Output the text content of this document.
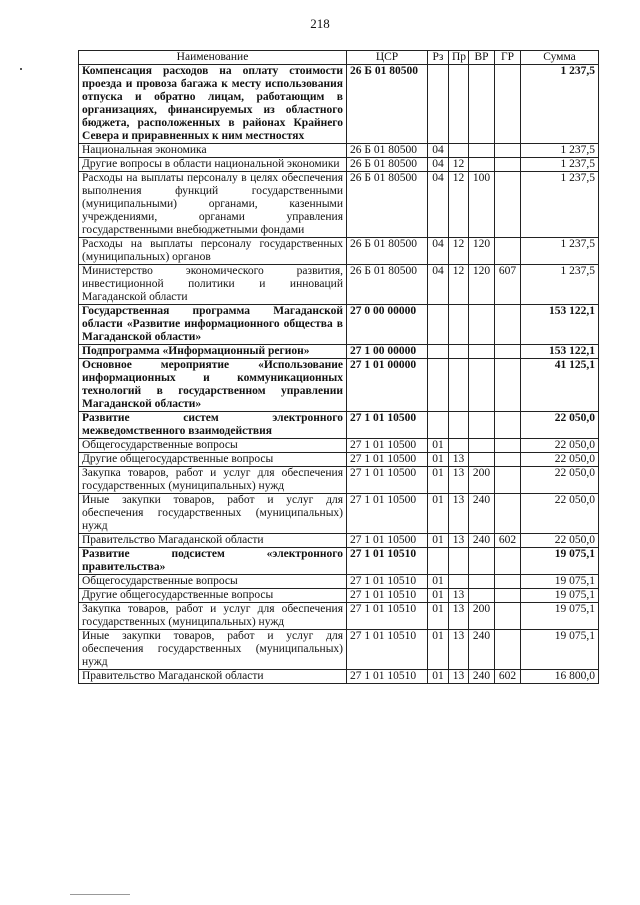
218
Наименование	ЦСР	Рз	Пр	ВР	ГР	Сумма
Компенсация расходов на оплату стоимости проезда и провоза багажа к месту использования отпуска и обратно лицам, работающим в организациях, финансируемых из областного бюджета, расположенных в районах Крайнего Севера и приравненных к ним местностях	26 Б 01 80500					1 237,5
Национальная экономика	26 Б 01 80500	04				1 237,5
Другие вопросы в области национальной экономики	26 Б 01 80500	04	12			1 237,5
Расходы на выплаты персоналу в целях обеспечения выполнения функций государственными (муниципальными) органами, казенными учреждениями, органами управления государственными внебюджетными фондами	26 Б 01 80500	04	12	100		1 237,5
Расходы на выплаты персоналу государственных (муниципальных) органов	26 Б 01 80500	04	12	120		1 237,5
Министерство экономического развития, инвестиционной политики и инноваций Магаданской области	26 Б 01 80500	04	12	120	607	1 237,5
Государственная программа Магаданской области «Развитие информационного общества в Магаданской области»	27 0 00 00000					153 122,1
Подпрограмма «Информационный регион»	27 1 00 00000					153 122,1
Основное мероприятие «Использование информационных и коммуникационных технологий в государственном управлении Магаданской области»	27 1 01 00000					41 125,1
Развитие систем электронного межведомственного взаимодействия	27 1 01 10500					22 050,0
Общегосударственные вопросы	27 1 01 10500	01				22 050,0
Другие общегосударственные вопросы	27 1 01 10500	01	13			22 050,0
Закупка товаров, работ и услуг для обеспечения государственных (муниципальных) нужд	27 1 01 10500	01	13	200		22 050,0
Иные закупки товаров, работ и услуг для обеспечения государственных (муниципальных) нужд	27 1 01 10500	01	13	240		22 050,0
Правительство Магаданской области	27 1 01 10500	01	13	240	602	22 050,0
Развитие подсистем «электронного правительства»	27 1 01 10510					19 075,1
Общегосударственные вопросы	27 1 01 10510	01				19 075,1
Другие общегосударственные вопросы	27 1 01 10510	01	13			19 075,1
Закупка товаров, работ и услуг для обеспечения государственных (муниципальных) нужд	27 1 01 10510	01	13	200		19 075,1
Иные закупки товаров, работ и услуг для обеспечения государственных (муниципальных) нужд	27 1 01 10510	01	13	240		19 075,1
Правительство Магаданской области	27 1 01 10510	01	13	240	602	16 800,0
